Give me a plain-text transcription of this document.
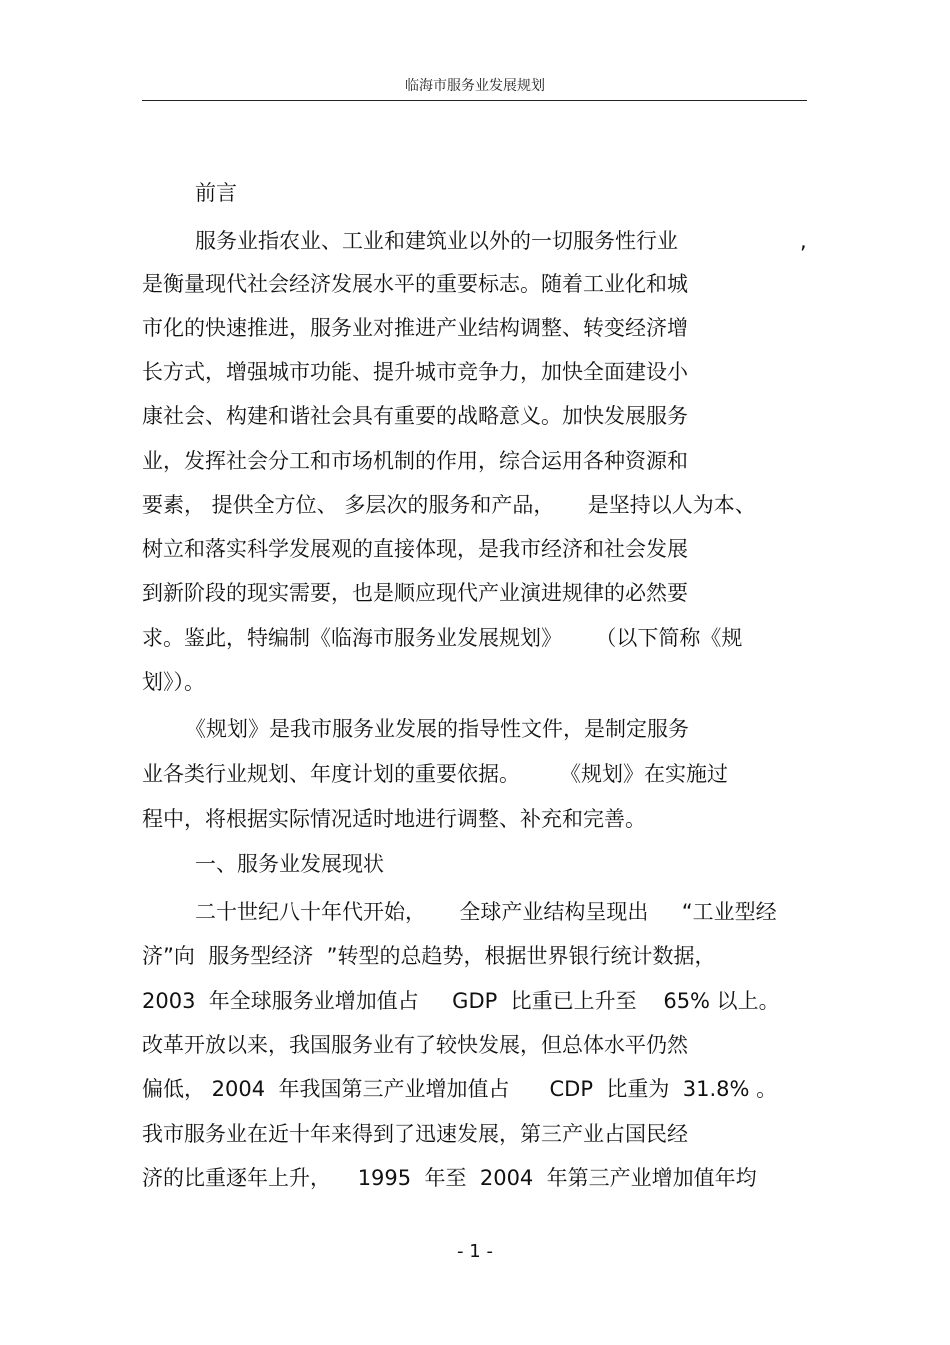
临海市服务业发展规划
前言
服务业指农业、工业和建筑业以外的一切服务性行业	,
是衡量现代社会经济发展水平的重要标志。随着工业化和城
市化的快速推进，服务业对推进产业结构调整、转变经济增
长方式，增强城市功能、提升城市竞争力，加快全面建设小
康社会、构建和谐社会具有重要的战略意义。加快发展服务
业，发挥社会分工和市场机制的作用，综合运用各种资源和
要素， 提供全方位、 多层次的服务和产品，     是坚持以人为本、
树立和落实科学发展观的直接体现，是我市经济和社会发展
到新阶段的现实需要，也是顺应现代产业演进规律的必然要
求。鉴此，特编制《临海市服务业发展规划》     （以下简称《规
划》）。
《规划》是我市服务业发展的指导性文件，是制定服务
业各类行业规划、年度计划的重要依据。      《规划》在实施过
程中，将根据实际情况适时地进行调整、补充和完善。
一、服务业发展现状
二十世纪八十年代开始，     全球产业结构呈现出     “工业型经
济”向  服务型经济  ”转型的总趋势，根据世界银行统计数据，
2003  年全球服务业增加值占     GDP  比重已上升至    65% 以上。
改革开放以来，我国服务业有了较快发展，但总体水平仍然
偏低， 2004  年我国第三产业增加值占      CDP  比重为  31.8% 。
我市服务业在近十年来得到了迅速发展，第三产业占国民经
济的比重逐年上升，    1995  年至  2004  年第三产业增加值年均
- 1 -
